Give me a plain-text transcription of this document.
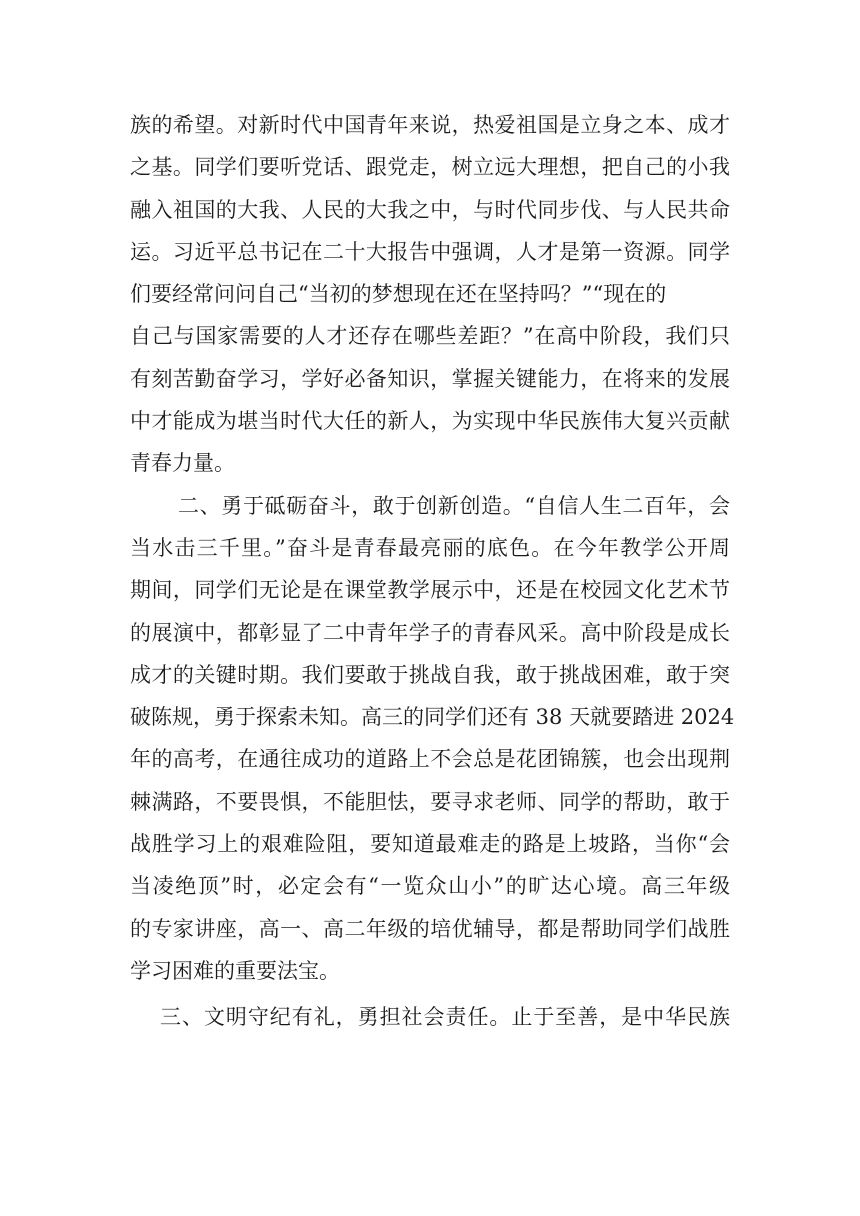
族的希望。对新时代中国青年来说，热爱祖国是立身之本、成才
之基。同学们要听党话、跟党走，树立远大理想，把自己的小我
融入祖国的大我、人民的大我之中，与时代同步伐、与人民共命
运。习近平总书记在二十大报告中强调，人才是第一资源。同学
们要经常问问自己“当初的梦想现在还在坚持吗？”“现在的
自己与国家需要的人才还存在哪些差距？”在高中阶段，我们只
有刻苦勤奋学习，学好必备知识，掌握关键能力，在将来的发展
中才能成为堪当时代大任的新人，为实现中华民族伟大复兴贡献
青春力量。
二、勇于砥砺奋斗，敢于创新创造。“自信人生二百年，会
当水击三千里。”奋斗是青春最亮丽的底色。在今年教学公开周
期间，同学们无论是在课堂教学展示中，还是在校园文化艺术节
的展演中，都彰显了二中青年学子的青春风采。高中阶段是成长
成才的关键时期。我们要敢于挑战自我，敢于挑战困难，敢于突
破陈规，勇于探索未知。高三的同学们还有 38 天就要踏进 2024
年的高考，在通往成功的道路上不会总是花团锦簇，也会出现荆
棘满路，不要畏惧，不能胆怯，要寻求老师、同学的帮助，敢于
战胜学习上的艰难险阻，要知道最难走的路是上坡路，当你“会
当凌绝顶”时，必定会有“一览众山小”的旷达心境。高三年级
的专家讲座，高一、高二年级的培优辅导，都是帮助同学们战胜
学习困难的重要法宝。
三、文明守纪有礼，勇担社会责任。止于至善，是中华民族
